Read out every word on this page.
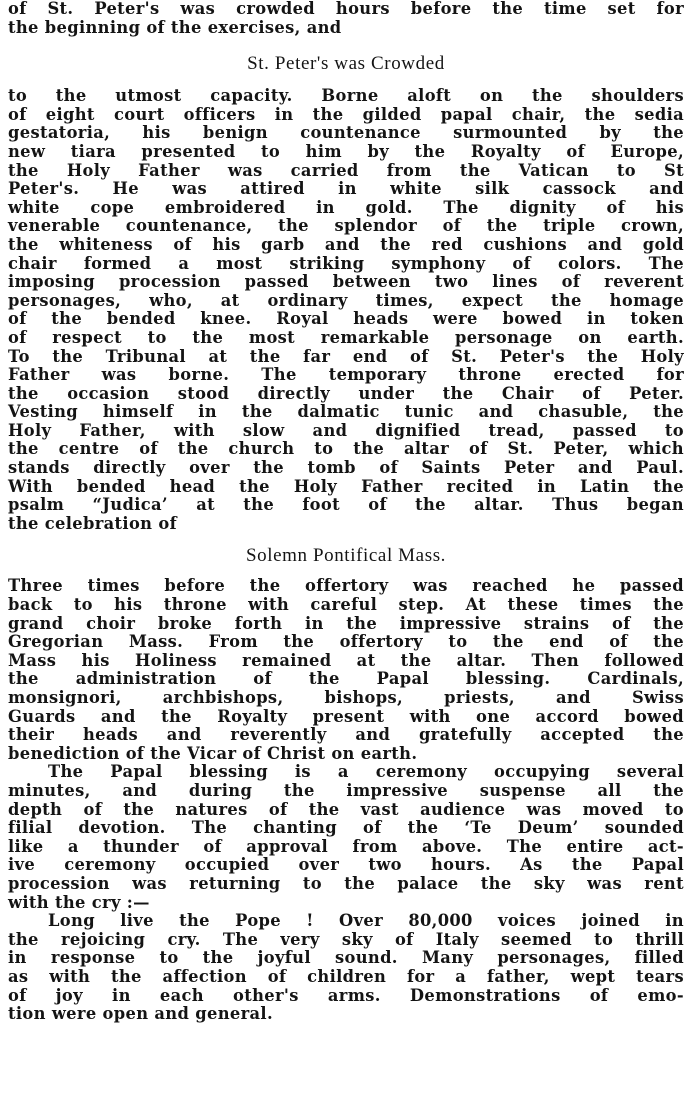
of St. Peter's was crowded hours before the time set for
the beginning of the exercises, and
St. Peter's was Crowded
to the utmost capacity. Borne aloft on the shoulders
of eight court officers in the gilded papal chair, the sedia
gestatoria, his benign countenance surmounted by the
new tiara presented to him by the Royalty of Europe,
the Holy Father was carried from the Vatican to St
Peter's. He was attired in white silk cassock and
white cope embroidered in gold. The dignity of his
venerable countenance, the splendor of the triple crown,
the whiteness of his garb and the red cushions and gold
chair formed a most striking symphony of colors. The
imposing procession passed between two lines of reverent
personages, who, at ordinary times, expect the homage
of the bended knee. Royal heads were bowed in token
of respect to the most remarkable personage on earth.
To the Tribunal at the far end of St. Peter's the Holy
Father was borne. The temporary throne erected for
the occasion stood directly under the Chair of Peter.
Vesting himself in the dalmatic tunic and chasuble, the
Holy Father, with slow and dignified tread, passed to
the centre of the church to the altar of St. Peter, which
stands directly over the tomb of Saints Peter and Paul.
With bended head the Holy Father recited in Latin the
psalm “Judica’ at the foot of the altar. Thus began
the celebration of
Solemn Pontifical Mass.
Three times before the offertory was reached he passed
back to his throne with careful step. At these times the
grand choir broke forth in the impressive strains of the
Gregorian Mass. From the offertory to the end of the
Mass his Holiness remained at the altar. Then followed
the administration of the Papal blessing. Cardinals,
monsignori, archbishops, bishops, priests, and Swiss
Guards and the Royalty present with one accord bowed
their heads and reverently and gratefully accepted the
benediction of the Vicar of Christ on earth.
The Papal blessing is a ceremony occupying several
minutes, and during the impressive suspense all the
depth of the natures of the vast audience was moved to
filial devotion. The chanting of the ‘Te Deum’ sounded
like a thunder of approval from above. The entire act-
ive ceremony occupied over two hours. As the Papal
procession was returning to the palace the sky was rent
with the cry :—
Long live the Pope ! Over 80,000 voices joined in
the rejoicing cry. The very sky of Italy seemed to thrill
in response to the joyful sound. Many personages, filled
as with the affection of children for a father, wept tears
of joy in each other's arms. Demonstrations of emo-
tion were open and general.
